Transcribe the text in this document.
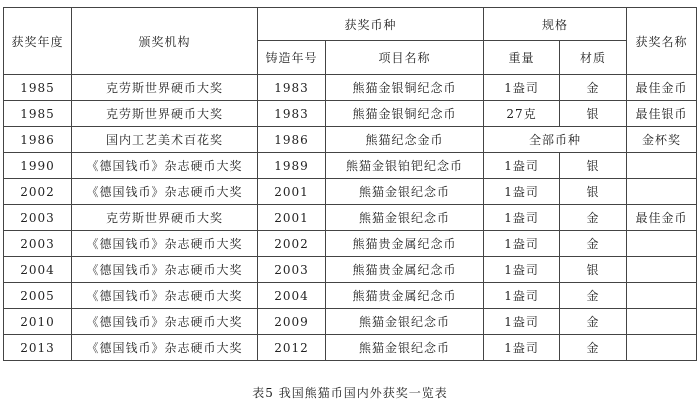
获奖年度	颁奖机构	获奖币种		规格		获奖名称
		铸造年号	项目名称	重量	材质	
1985	克劳斯世界硬币大奖	1983	熊猫金银铜纪念币	1盎司	金	最佳金币
1985	克劳斯世界硬币大奖	1983	熊猫金银铜纪念币	27克	银	最佳银币
1986	国内工艺美术百花奖	1986	熊猫纪念金币	全部币种		金杯奖
1990	《德国钱币》杂志硬币大奖	1989	熊猫金银铂钯纪念币	1盎司	银	
2002	《德国钱币》杂志硬币大奖	2001	熊猫金银纪念币	1盎司	银	
2003	克劳斯世界硬币大奖	2001	熊猫金银纪念币	1盎司	金	最佳金币
2003	《德国钱币》杂志硬币大奖	2002	熊猫贵金属纪念币	1盎司	金	
2004	《德国钱币》杂志硬币大奖	2003	熊猫贵金属纪念币	1盎司	银	
2005	《德国钱币》杂志硬币大奖	2004	熊猫贵金属纪念币	1盎司	金	
2010	《德国钱币》杂志硬币大奖	2009	熊猫金银纪念币	1盎司	金	
2013	《德国钱币》杂志硬币大奖	2012	熊猫金银纪念币	1盎司	金	
表5 我国熊猫币国内外获奖一览表
